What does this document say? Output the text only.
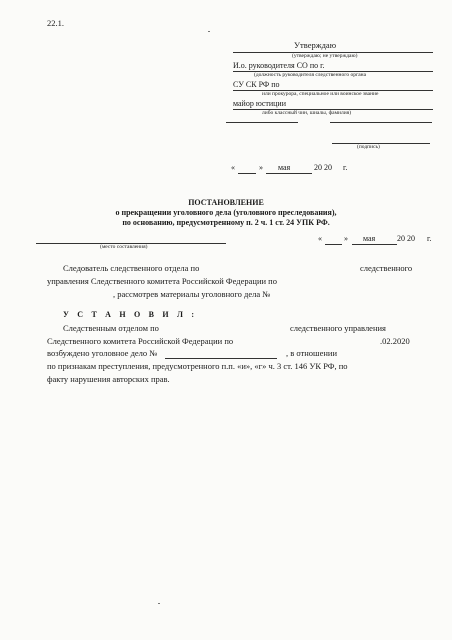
22.1.
Утверждаю
(утверждаю; не утверждаю)
И.о. руководителя СО по г.
(должность руководителя следственного органа
СУ СК РФ по
или прокурора, специальное или воинское звание
майор юстиции
либо классный чин, шиалы, фамилия)
(подпись)
«	» мая	20 20 г.
ПОСТАНОВЛЕНИЕ
о прекращении уголовного дела (уголовного преследования),
по основанию, предусмотренному п. 2 ч. 1 ст. 24 УПК РФ.
(место составления)
«	» мая	20 20 г.
Следователь следственного отдела по	следственного
управления Следственного комитета Российской Федерации по
, рассмотрев материалы уголовного дела №
У С Т А Н О В И Л :
Следственным отделом по	следственного управления
Следственного комитета Российской Федерации по	.02.2020
возбуждено уголовное дело №	, в отношении
по признакам преступления, предусмотренного п.п. «и», «г» ч. 3 ст. 146 УК РФ, по
факту нарушения авторских прав.
